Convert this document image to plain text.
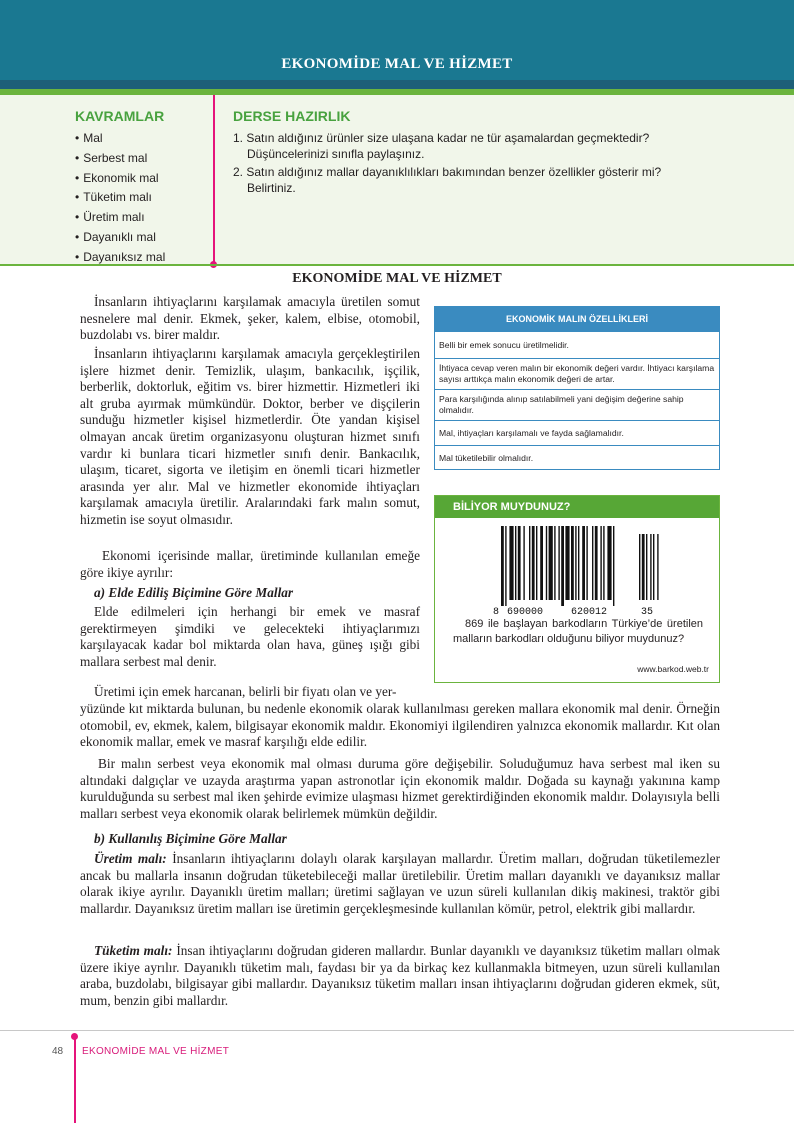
EKONOMİDE MAL VE HİZMET
KAVRAMLAR
• Mal
• Serbest mal
• Ekonomik mal
• Tüketim malı
• Üretim malı
• Dayanıklı mal
• Dayanıksız mal
DERSE HAZIRLIK
1. Satın aldığınız ürünler size ulaşana kadar ne tür aşamalardan geçmektedir? Düşüncelerinizi sınıfla paylaşınız.
2. Satın aldığınız mallar dayanıklılıkları bakımından benzer özellikler gösterir mi? Belirtiniz.
EKONOMİDE MAL VE HİZMET

İnsanların ihtiyaçlarını karşılamak amacıyla üretilen somut nesnelere mal denir. Ekmek, şeker, kalem, elbise, otomobil, buzdolabı vs. birer maldır.

İnsanların ihtiyaçlarını karşılamak amacıyla gerçekleştirilen işlere hizmet denir. Temizlik, ulaşım, bankacılık, işçilik, berberlik, doktorluk, eğitim vs. birer hizmettir. Hizmetleri iki alt gruba ayırmak mümkündür. Doktor, berber ve dişçilerin sunduğu hizmetler kişisel hizmetlerdir. Öte yandan kişisel olmayan ancak üretim organizasyonu oluşturan hizmet sınıfı vardır ki bunlara ticari hizmetler sınıfı denir. Bankacılık, ulaşım, ticaret, sigorta ve iletişim en önemli ticari hizmetler arasında yer alır. Mal ve hizmetler ekonomide ihtiyaçları karşılamak amacıyla üretilir. Aralarındaki fark malın somut, hizmetin ise soyut olmasıdır.

Ekonomi içerisinde mallar, üretiminde kullanılan emeğe göre ikiye ayrılır:

a) Elde Ediliş Biçimine Göre Mallar

Elde edilmeleri için herhangi bir emek ve masraf gerektirmeyen şimdiki ve gelecekteki ihtiyaçlarımızı karşılayacak kadar bol miktarda olan hava, güneş ışığı gibi mallara serbest mal denir.

Üretimi için emek harcanan, belirli bir fiyatı olan ve yer-

yüzünde kıt miktarda bulunan, bu nedenle ekonomik olarak kullanılması gereken mallara ekonomik mal denir. Örneğin otomobil, ev, ekmek, kalem, bilgisayar ekonomik maldır. Ekonomiyi ilgilendiren yalnızca ekonomik mallardır. Kıt olan ekonomik mallar, emek ve masraf karşılığı elde edilir.

Bir malın serbest veya ekonomik mal olması duruma göre değişebilir. Soluduğumuz hava serbest mal iken su altındaki dalgıçlar ve uzayda araştırma yapan astronotlar için ekonomik maldır. Doğada su kaynağı yakınına kamp kurulduğunda su serbest mal iken şehirde evimize ulaşması hizmet gerektirdiğinden ekonomik maldır. Dolayısıyla belli malları serbest veya ekonomik olarak belirlemek mümkün değildir.

b) Kullanılış Biçimine Göre Mallar

Üretim malı: İnsanların ihtiyaçlarını dolaylı olarak karşılayan mallardır. Üretim malları, doğrudan tüketilemezler ancak bu mallarla insanın doğrudan tüketebileceği mallar üretilebilir. Üretim malları dayanıklı ve dayanıksız mallar olarak ikiye ayrılır. Dayanıklı üretim malları; üretimi sağlayan ve uzun süreli kullanılan dikiş makinesi, traktör gibi mallardır. Dayanıksız üretim malları ise üretimin gerçekleşmesinde kullanılan kömür, petrol, elektrik gibi mallardır.

Tüketim malı: İnsan ihtiyaçlarını doğrudan gideren mallardır. Bunlar dayanıklı ve dayanıksız tüketim malları olmak üzere ikiye ayrılır. Dayanıklı tüketim malı, faydası bir ya da birkaç kez kullanmakla bitmeyen, uzun süreli kullanılan araba, buzdolabı, bilgisayar gibi mallardır. Dayanıksız tüketim malları insan ihtiyaçlarını doğrudan gideren ekmek, süt, mum, benzin gibi mallardır.

EKONOMİK MALIN ÖZELLİKLERİ
Belli bir emek sonucu üretilmelidir.
İhtiyaca cevap veren malın bir ekonomik değeri vardır. İhtiyacı karşılama sayısı arttıkça malın ekonomik değeri de artar.
Para karşılığında alınıp satılabilmeli yani değişim değerine sahip olmalıdır.
Mal, ihtiyaçları karşılamalı ve fayda sağlamalıdır.
Mal tüketilebilir olmalıdır.
BİLİYOR MUYDUNUZ?
8 690000	620012	35
869 ile başlayan barkodların Türkiye’de üretilen malların barkodları olduğunu biliyor muydunuz?
www.barkod.web.tr
48 EKONOMİDE MAL VE HİZMET
